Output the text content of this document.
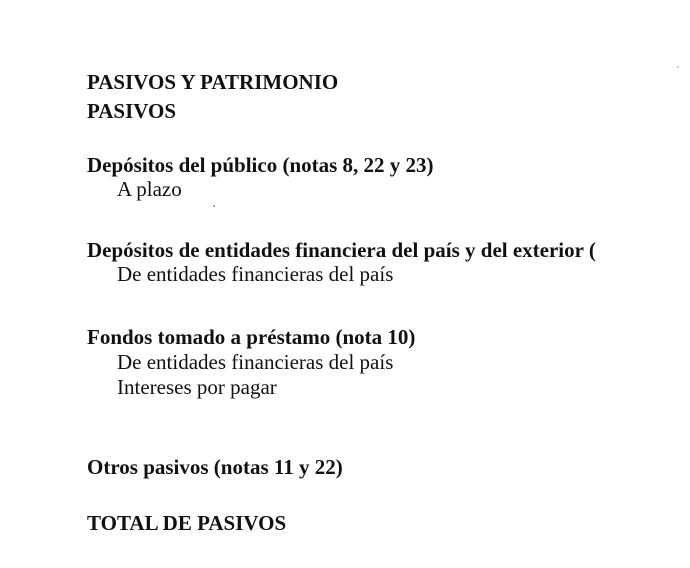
PASIVOS Y PATRIMONIO
PASIVOS
Depósitos del público (notas 8, 22 y 23)
A plazo
Depósitos de entidades financiera del país y del exterior (
De entidades financieras del país
Fondos tomado a préstamo (nota 10)
De entidades financieras del país
Intereses por pagar
Otros pasivos (notas 11 y 22)
TOTAL DE PASIVOS
